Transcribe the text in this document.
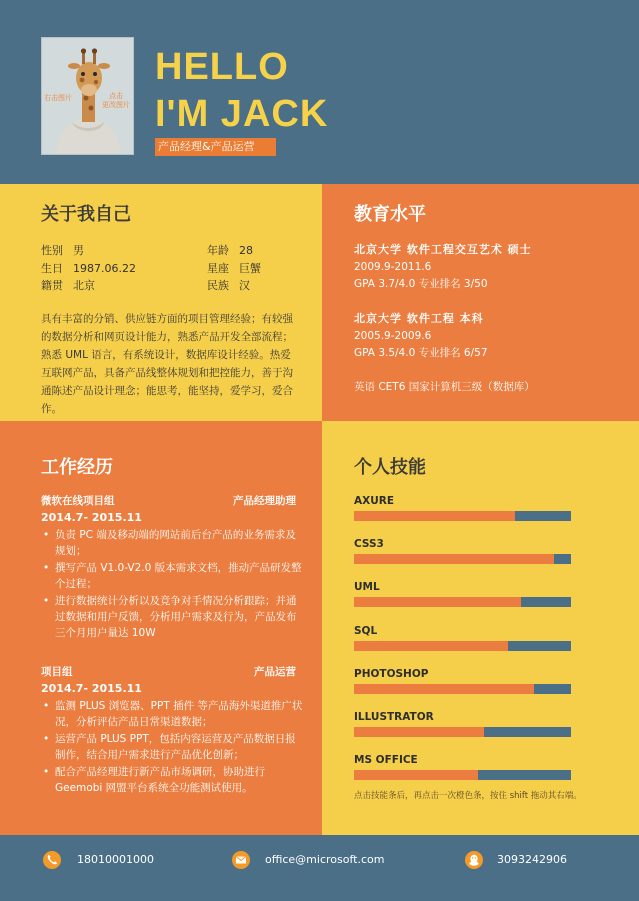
右击图片	点击
更改图片
HELLO
I'M JACK
产品经理&产品运营
关于我自己
性别 男	年龄 28
生日 1987.06.22	星座 巨蟹
籍贯 北京	民族 汉
具有丰富的分销、供应链方面的项目管理经验；有较强的数据分析和网页设计能力，熟悉产品开发全部流程；熟悉 UML 语言，有系统设计，数据库设计经验。热爱互联网产品，具备产品线整体规划和把控能力，善于沟通陈述产品设计理念；能思考，能坚持，爱学习，爱合作。
教育水平
北京大学 软件工程交互艺术 硕士
2009.9-2011.6
GPA 3.7/4.0 专业排名 3/50
北京大学 软件工程 本科
2005.9-2009.6
GPA 3.5/4.0 专业排名 6/57
英语 CET6 国家计算机三级（数据库）
工作经历
微软在线项目组	产品经理助理
2014.7- 2015.11
• 负责 PC 端及移动端的网站前后台产品的业务需求及规划；
• 撰写产品 V1.0-V2.0 版本需求文档，推动产品研发整个过程；
• 进行数据统计分析以及竞争对手情况分析跟踪；并通过数据和用户反馈，分析用户需求及行为，产品发布三个月用户量达 10W
项目组	产品运营
2014.7- 2015.11
• 监测 PLUS 浏览器、PPT 插件 等产品海外渠道推广状况，分析评估产品日常渠道数据；
• 运营产品 PLUS PPT，包括内容运营及产品数据日报制作，结合用户需求进行产品优化创新；
• 配合产品经理进行新产品市场调研，协助进行 Geemobi 网盟平台系统全功能测试使用。
个人技能
AXURE
CSS3
UML
SQL
PHOTOSHOP
ILLUSTRATOR
MS OFFICE
点击技能条后，再点击一次橙色条，按住 shift 拖动其右端。
18010001000	office@microsoft.com	3093242906
